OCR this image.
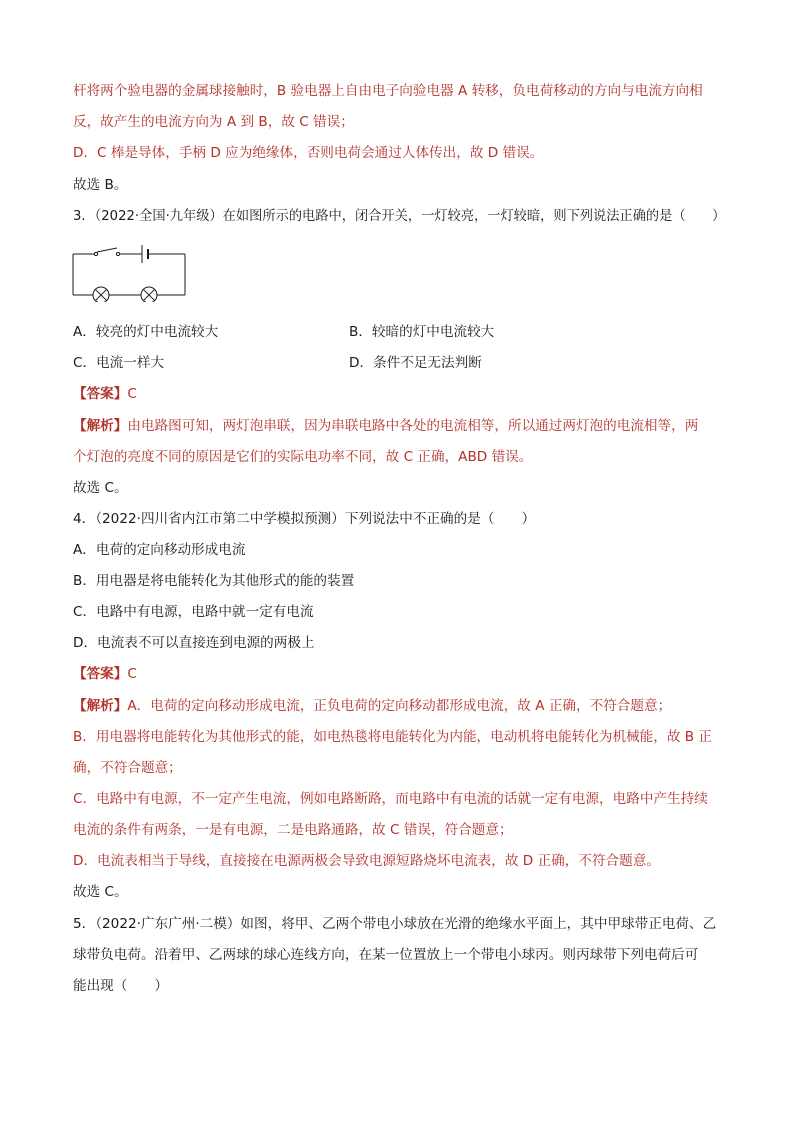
杆将两个验电器的金属球接触时，B 验电器上自由电子向验电器 A 转移，负电荷移动的方向与电流方向相
反，故产生的电流方向为 A 到 B，故 C 错误；
D．C 棒是导体，手柄 D 应为绝缘体，否则电荷会通过人体传出，故 D 错误。
故选 B。
3．（2022·全国·九年级）在如图所示的电路中，闭合开关，一灯较亮，一灯较暗，则下列说法正确的是（　　）
A．较亮的灯中电流较大	B．较暗的灯中电流较大
C．电流一样大	D．条件不足无法判断
【答案】C
【解析】由电路图可知，两灯泡串联，因为串联电路中各处的电流相等，所以通过两灯泡的电流相等，两
个灯泡的亮度不同的原因是它们的实际电功率不同，故 C 正确，ABD 错误。
故选 C。
4．（2022·四川省内江市第二中学模拟预测）下列说法中不正确的是（　　）
A．电荷的定向移动形成电流
B．用电器是将电能转化为其他形式的能的装置
C．电路中有电源，电路中就一定有电流
D．电流表不可以直接连到电源的两极上
【答案】C
【解析】A．电荷的定向移动形成电流，正负电荷的定向移动都形成电流，故 A 正确，不符合题意；
B．用电器将电能转化为其他形式的能，如电热毯将电能转化为内能，电动机将电能转化为机械能，故 B 正
确，不符合题意；
C．电路中有电源，不一定产生电流，例如电路断路，而电路中有电流的话就一定有电源，电路中产生持续
电流的条件有两条，一是有电源，二是电路通路，故 C 错误，符合题意；
D．电流表相当于导线，直接接在电源两极会导致电源短路烧坏电流表，故 D 正确，不符合题意。
故选 C。
5．（2022·广东广州·二模）如图，将甲、乙两个带电小球放在光滑的绝缘水平面上，其中甲球带正电荷、乙
球带负电荷。沿着甲、乙两球的球心连线方向，在某一位置放上一个带电小球丙。则丙球带下列电荷后可
能出现（　　）
